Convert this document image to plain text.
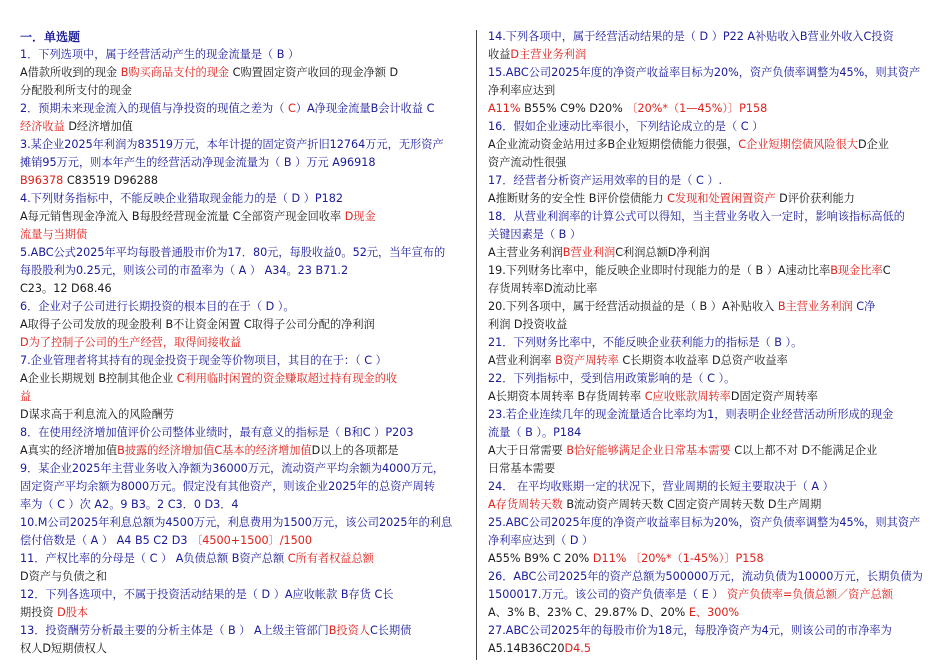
一．单选题
1．下列选项中，属于经营活动产生的现金流量是（ B ）
A借款所收到的现金 B购买商品支付的现金 C购置固定资产收回的现金净额 D
分配股利所支付的现金
2．预期未来现金流入的现值与净投资的现值之差为（ C）A净现金流量B会计收益 C
经济收益 D经济增加值
3.某企业2025年利润为83519万元，本年计提的固定资产折旧12764万元，无形资产
摊销95万元，则本年产生的经营活动净现金流量为（ B ）万元 A96918
B96378 C83519 D96288
4.下列财务指标中，不能反映企业猎取现金能力的是（ D ）P182
A每元销售现金净流入 B每股经营现金流量 C全部资产现金回收率 D现金
流量与当期债
5.ABC公式2025年平均每股普通股市价为17．80元，每股收益0。52元，当年宣布的
每股股利为0.25元，则该公司的市盈率为（ A ） A34。23 B71.2
C23。12 D68.46
6．企业对子公司进行长期投资的根本目的在于（ D ）。
A取得子公司发放的现金股利 B不让资金闲置 C取得子公司分配的净利润
D为了控制子公司的生产经营，取得间接收益
7.企业管理者将其持有的现金投资于现金等价物项目，其目的在于：（ C ）
A企业长期规划 B控制其他企业 C利用临时闲置的资金赚取超过持有现金的收
益
D谋求高于利息流入的风险酬劳
8．在使用经济增加值评价公司整体业绩时，最有意义的指标是（ B和C ）P203
A真实的经济增加值B披露的经济增加值C基本的经济增加值D以上的各项都是
9．某企业2025年主营业务收入净额为36000万元，流动资产平均余额为4000万元，
固定资产平均余额为8000万元。假定没有其他资产，则该企业2025年的总资产周转
率为（ C ）次 A2。9 B3。2 C3．0 D3．4
10.M公司2025年利息总额为4500万元，利息费用为1500万元，该公司2025年的利息
偿付倍数是（ A ） A4 B5 C2 D3 〔4500+1500〕/1500
11．产权比率的分母是（ C ） A负债总额 B资产总额 C所有者权益总额
D资产与负债之和
12．下列各选项中，不属于投资活动结果的是（ D ）A应收帐款 B存货 C长
期投资 D股本
13．投资酬劳分析最主要的分析主体是（ B ） A上级主管部门B投资人C长期债
权人D短期债权人
14.下列各项中，属于经营活动结果的是（ D ）P22 A补贴收入B营业外收入C投资
收益D主营业务利润
15.ABC公司2025年度的净资产收益率目标为20%，资产负债率调整为45%，则其资产
净利率应达到
A11% B55% C9% D20% 〔20%*（1—45%）〕P158
16．假如企业速动比率很小，下列结论成立的是（ C ）
A企业流动资金站用过多B企业短期偿债能力很强，C企业短期偿债风险很大D企业
资产流动性很强
17．经营者分析资产运用效率的目的是（ C ）.
A推断财务的安全性 B评价偿债能力 C发现和处置闲置资产 D评价获利能力
18．从营业利润率的计算公式可以得知，当主营业务收入一定时，影响该指标高低的
关键因素是（ B ）
A主营业务利润B营业利润C利润总额D净利润
19.下列财务比率中，能反映企业即时付现能力的是（ B ）A速动比率B现金比率C
存货周转率D流动比率
20.下列各项中，属于经营活动损益的是（ B ）A补贴收入 B主营业务利润 C净
利润 D投资收益
21．下列财务比率中，不能反映企业获利能力的指标是（ B ）。
A营业利润率 B资产周转率 C长期资本收益率 D总资产收益率
22．下列指标中，受到信用政策影响的是（ C ）。
A长期资本周转率 B存货周转率 C应收账款周转率D固定资产周转率
23.若企业连续几年的现金流量适合比率均为1，则表明企业经营活动所形成的现金
流量（ B ）。P184
A大于日常需要 B恰好能够满足企业日常基本需要 C以上都不对 D不能满足企业
日常基本需要
24． 在平均收账期一定的状况下，营业周期的长短主要取决于（ A ）
A存货周转天数 B流动资产周转天数 C固定资产周转天数 D生产周期
25.ABC公司2025年度的净资产收益率目标为20%，资产负债率调整为45%，则其资产
净利率应达到（ D ）
A55% B9% C 20% D11% 〔20%*（1-45%）〕P158
26．ABC公司2025年的资产总额为500000万元，流动负债为10000万元，长期负债为
1500017.万元。该公司的资产负债率是（ E ） 资产负债率=负债总额／资产总额
A、3% B、23% C、29.87% D、20% E、300%
27.ABC公司2025年的每股市价为18元，每股净资产为4元，则该公司的市净率为
A5.14B36C20D4.5
